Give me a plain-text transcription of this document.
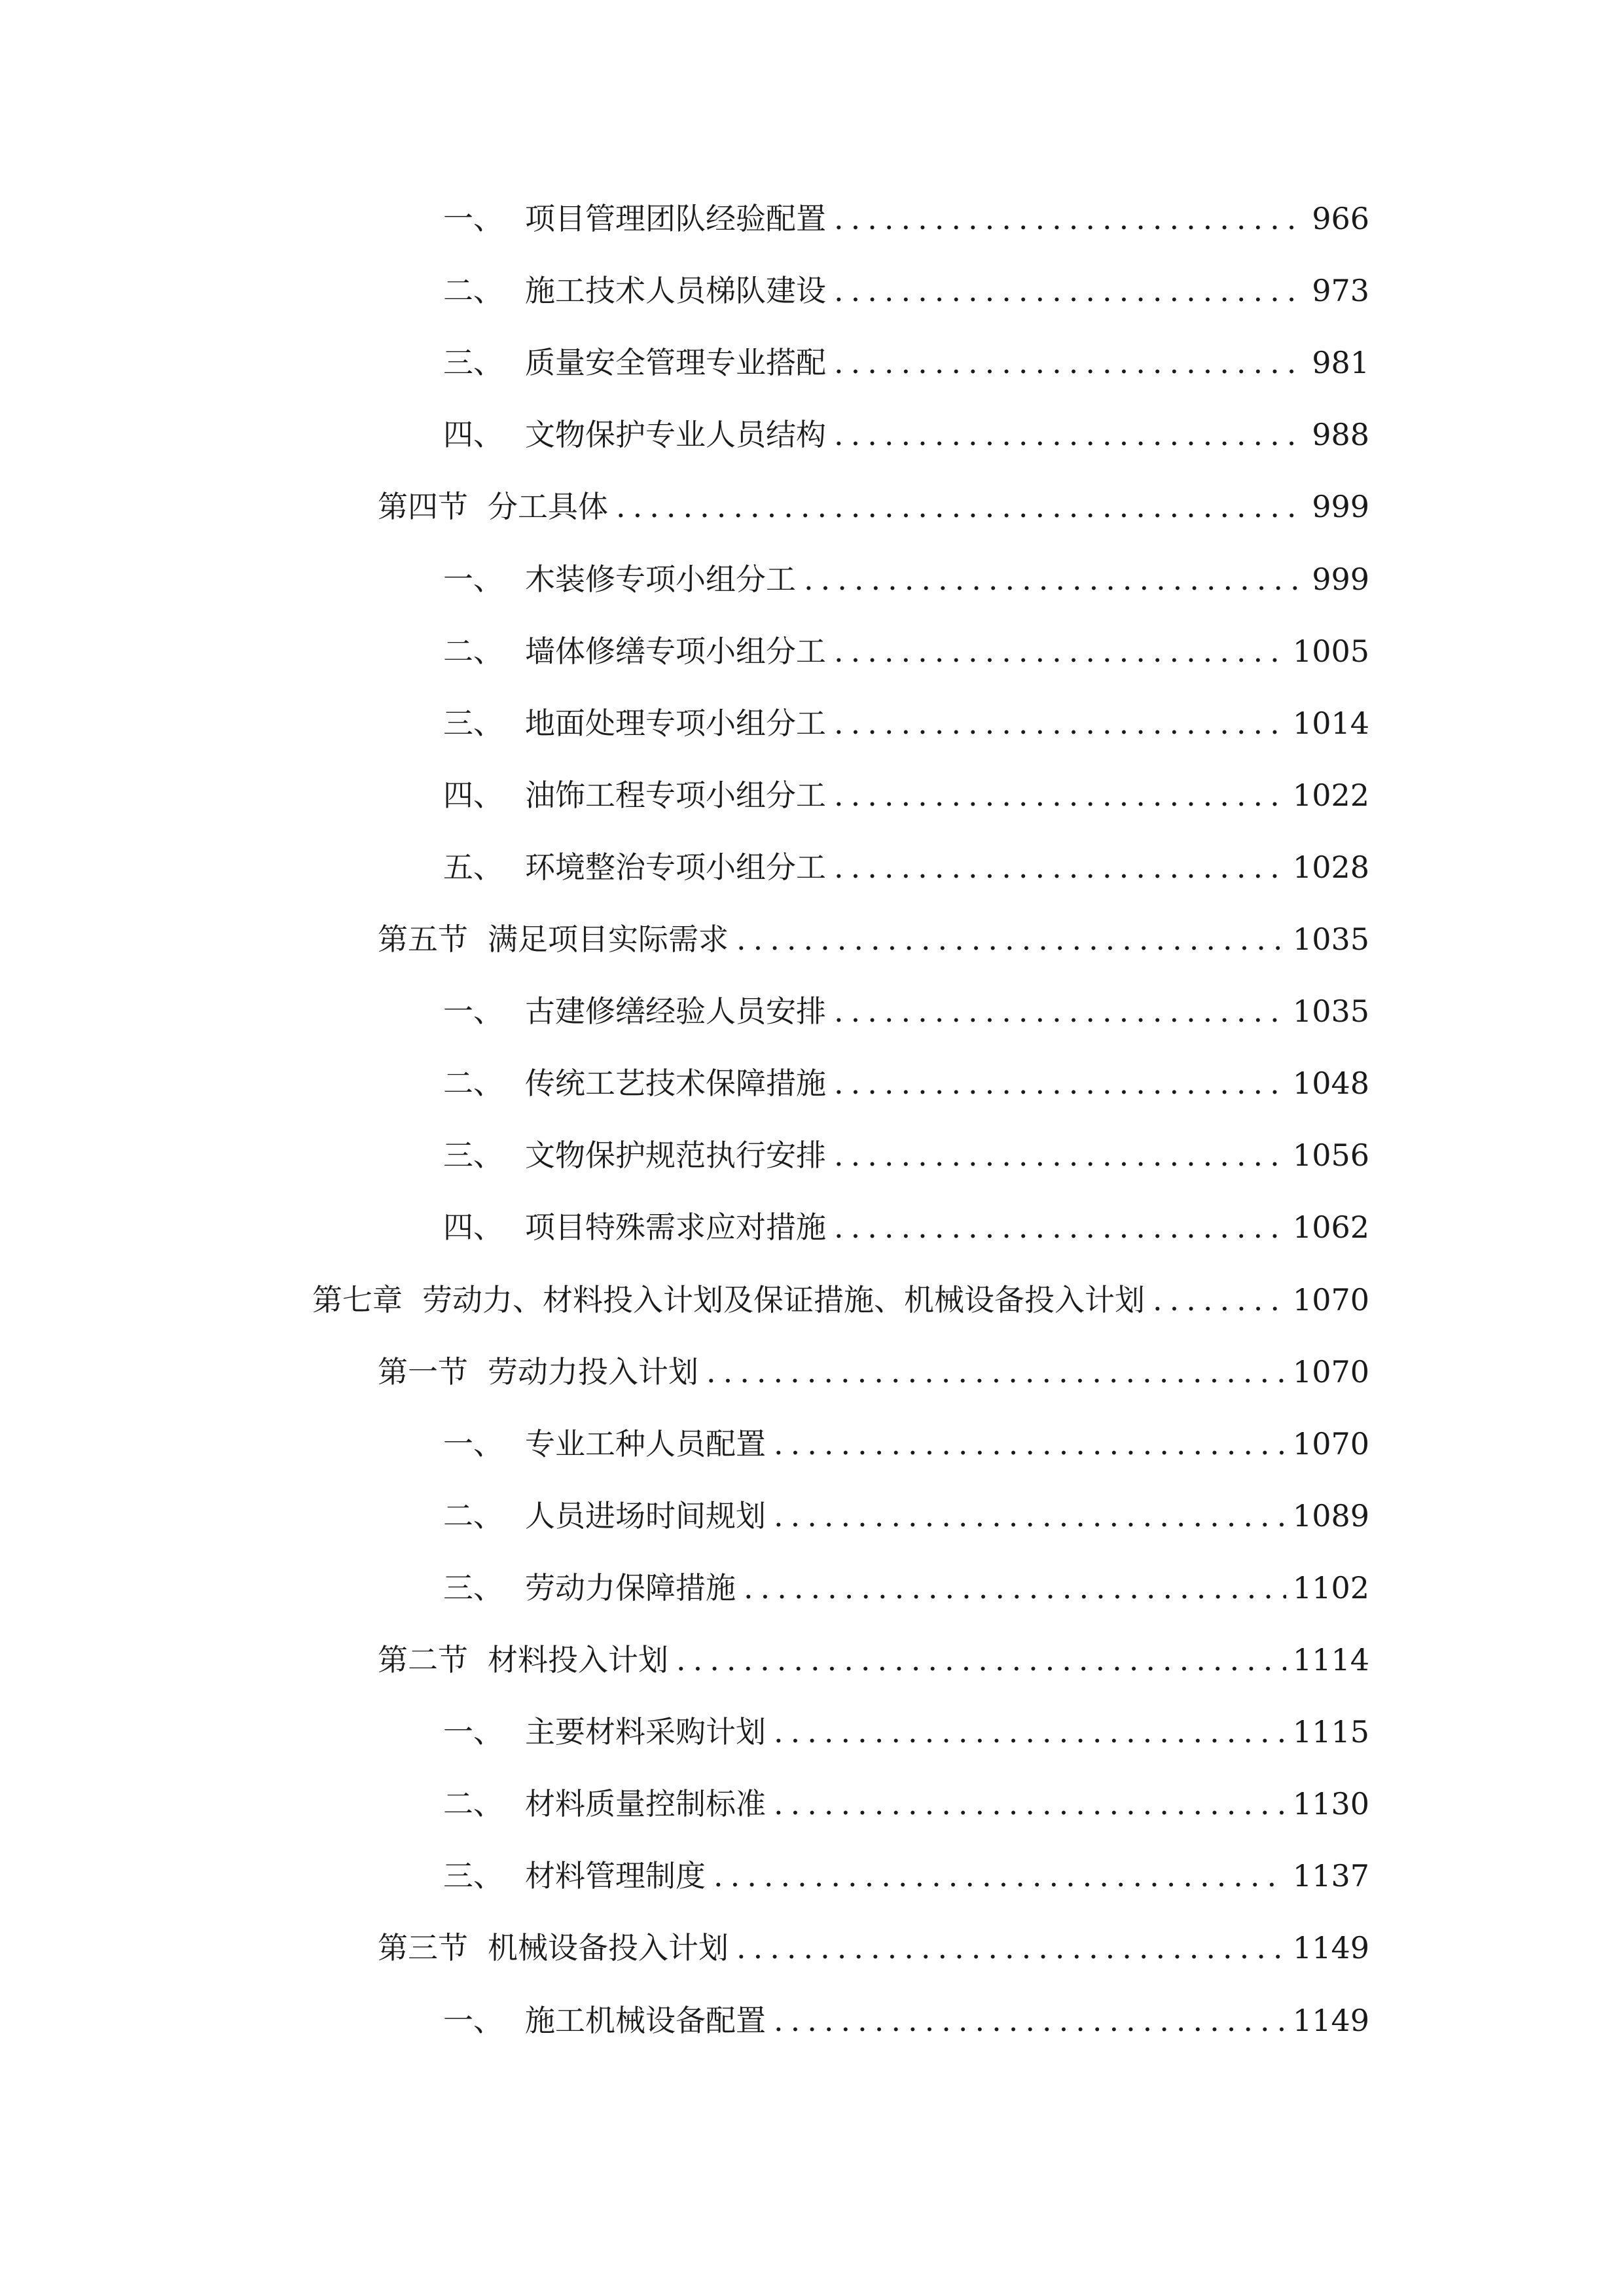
一、 项目管理团队经验配置 .....	966
二、 施工技术人员梯队建设 .....	973
三、 质量安全管理专业搭配 .....	981
四、 文物保护专业人员结构 .....	988
第四节 分工具体 .....	999
一、 木装修专项小组分工 .....	999
二、 墙体修缮专项小组分工 .....	1005
三、 地面处理专项小组分工 .....	1014
四、 油饰工程专项小组分工 .....	1022
五、 环境整治专项小组分工 .....	1028
第五节 满足项目实际需求 .....	1035
一、 古建修缮经验人员安排 .....	1035
二、 传统工艺技术保障措施 .....	1048
三、 文物保护规范执行安排 .....	1056
四、 项目特殊需求应对措施 .....	1062
第七章 劳动力、材料投入计划及保证措施、机械设备投入计划 .....	1070
第一节 劳动力投入计划 .....	1070
一、 专业工种人员配置 .....	1070
二、 人员进场时间规划 .....	1089
三、 劳动力保障措施 .....	1102
第二节 材料投入计划 .....	1114
一、 主要材料采购计划 .....	1115
二、 材料质量控制标准 .....	1130
三、 材料管理制度 .....	1137
第三节 机械设备投入计划 .....	1149
一、 施工机械设备配置 .....	1149
